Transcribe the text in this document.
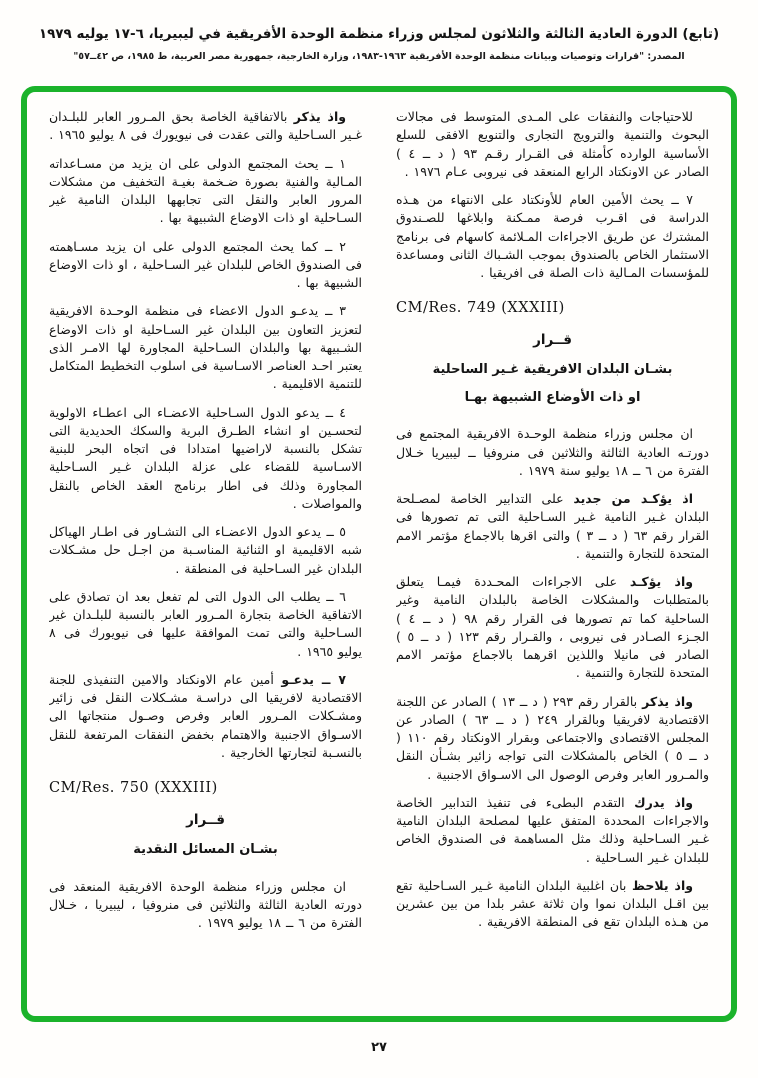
(تابع) الدورة العادية الثالثة والثلاثون لمجلس وزراء منظمة الوحدة الأفريقية في ليبيريا، ٦-١٧ يوليه ١٩٧٩
المصدر: "قرارات وتوصيات وبيانات منظمة الوحدة الأفريقية ١٩٦٣-١٩٨٣، وزارة الخارجية، جمهورية مصر العربية، ط ١٩٨٥، ص ٤٢ــ٥٧"

للاحتياجات والنفقات على المـدى المتوسط فى مجالات البحوث والتنمية والترويج التجارى والتنويع الافقى للسلع الأساسية الوارده كأمثلة فى القـرار رقـم ٩٣ ( د ــ ٤ ) الصادر عن الاونكتاد الرابع المنعقد فى نيروبى عـام ١٩٧٦ .

٧ ــ يحث الأمين العام للأونكتاد على الانتهاء من هـذه الدراسة فى اقـرب فرصة ممـكنة وابلاغها للصـندوق المشترك عن طريق الاجراءات المـلائمة كاسهام فى برنامج الاستثمار الخاص بالصندوق بموجب الشـباك الثانى ومساعدة للمؤسسات المـالية ذات الصلة فى افريقيا .

CM/Res. 749 (XXXIII)
قــرار
بشـان البلدان الافريقية غـير الساحلية
او ذات الأوضاع الشبيهة بهـا

ان مجلس وزراء منظمة الوحـدة الافريقية المجتمع فى دورتـه العادية الثالثة والثلاثين فى منروفيا ــ ليبيريا خـلال الفترة من ٦ ــ ١٨ يوليو سنة ١٩٧٩ .

اذ يؤكـد من جديد على التدابير الخاصة لمصـلحة البلدان غـير النامية غـير السـاحلية التى تم تصورها فى القرار رقم ٦٣ ( د ــ ٣ ) والتى اقرها بالاجماع مؤتمر الامم المتحدة للتجارة والتنمية .

واذ يؤكـد على الاجراءات المحـددة فيمـا يتعلق بالمتطلبات والمشكلات الخاصة بالبلدان النامية وغير الساحلية كما تم تصورها فى القرار رقم ٩٨ ( د ــ ٤ ) الجـزء الصـادر فى نيروبى ، والقـرار رقم ١٢٣ ( د ــ ٥ ) الصادر فى مانيلا واللذين اقرهما بالاجماع مؤتمر الامم المتحدة للتجارة والتنمية .

واذ يذكر بالقرار رقم ٢٩٣ ( د ــ ١٣ ) الصادر عن اللجنة الاقتصادية لافريقيا وبالقرار ٢٤٩ ( د ــ ٦٣ ) الصادر عن المجلس الاقتصادى والاجتماعى وبقرار الاونكتاد رقم ١١٠ ( د ــ ٥ ) الخاص بالمشكلات التى تواجه زائير بشـأن النقل والمـرور العابر وفرص الوصول الى الاسـواق الاجنبية .

واذ يدرك التقدم البطىء فى تنفيذ التدابير الخاصة والاجراءات المحددة المتفق عليها لمصلحة البلدان النامية غـير السـاحلية وذلك مثل المساهمة فى الصندوق الخاص للبلدان غـير السـاحلية .

واذ يلاحظ بان اغلبية البلدان النامية غـير السـاحلية تقع بين اقـل البلدان نموا وان ثلاثة عشر بلدا من بين عشرين من هـذه البلدان تقع فى المنطقة الافريقية .

واذ يذكر بالاتفاقية الخاصة بحق المـرور العابر للبلـدان غـير السـاحلية والتى عقدت فى نيويورك فى ٨ يوليو ١٩٦٥ .

١ ــ يحث المجتمع الدولى على ان يزيد من مسـاعداته المـالية والفنية بصورة ضـخمة بغيـة التخفيف من مشكلات المرور العابر والنقل التى تجابهها البلدان النامية غير السـاحلية او ذات الاوضاع الشبيهة بها .

٢ ــ كما يحث المجتمع الدولى على ان يزيد مسـاهمته فى الصندوق الخاص للبلدان غير السـاحلية ، او ذات الاوضاع الشبيهة بها .

٣ ــ يدعـو الدول الاعضاء فى منظمة الوحـدة الافريقية لتعزيز التعاون بين البلدان غير السـاحلية او ذات الاوضاع الشـبيهة بها والبلدان السـاحلية المجاورة لها الامـر الذى يعتبر احـد العناصر الاسـاسية فى اسلوب التخطيط المتكامل للتنمية الاقليمية .

٤ ــ يدعو الدول السـاحلية الاعضـاء الى اعطـاء الاولوية لتحسـين او انشاء الطـرق البرية والسكك الحديدية التى تشكل بالنسبة لاراضيها امتدادا فى اتجاه البحر للبنية الاسـاسية للقضاء على عزلة البلدان غـير السـاحلية المجاورة وذلك فى اطار برنامج العقد الخاص بالنقل والمواصلات .

٥ ــ يدعو الدول الاعضـاء الى التشـاور فى اطـار الهياكل شبه الاقليمية او الثنائية المناسـبة من اجـل حل مشـكلات البلدان غير السـاحلية فى المنطقة .

٦ ــ يطلب الى الدول التى لم تفعل بعد ان تصادق على الاتفاقية الخاصة بتجارة المـرور العابر بالنسبة للبلـدان غير السـاحلية والتى تمت الموافقة عليها فى نيويورك فى ٨ يوليو ١٩٦٥ .

٧ ــ يدعـو أمين عام الاونكتاد والامين التنفيذى للجنة الاقتصادية لافريقيا الى دراسـة مشـكلات النقل فى زائير ومشـكلات المـرور العابر وفرص وصـول منتجاتها الى الاسـواق الاجنبية والاهتمام بخفض النفقات المرتفعة للنقل بالنسـبة لتجارتها الخارجية .

CM/Res. 750 (XXXIII)
قــرار
بشـان المسائل النقدية

ان مجلس وزراء منظمة الوحدة الافريقية المنعقد فى دورته العادية الثالثة والثلاثين فى منروفيا ، ليبيريا ، خـلال الفترة من ٦ ــ ١٨ يوليو ١٩٧٩ .

٢٧
